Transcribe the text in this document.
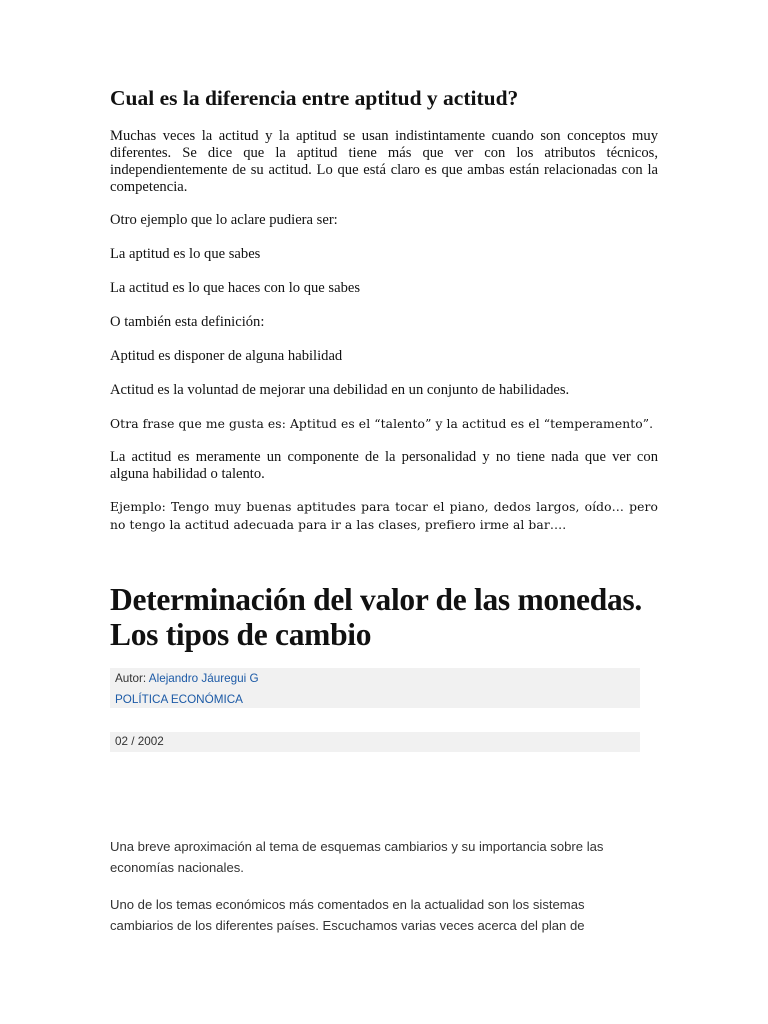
Cual es la diferencia entre aptitud y actitud?

Muchas veces la actitud y la aptitud se usan indistintamente cuando son conceptos muy diferentes. Se dice que la aptitud tiene más que ver con los atributos técnicos, independientemente de su actitud. Lo que está claro es que ambas están relacionadas con la competencia.

Otro ejemplo que lo aclare pudiera ser:

La aptitud es lo que sabes

La actitud es lo que haces con lo que sabes

O también esta definición:

Aptitud es disponer de alguna habilidad

Actitud es la voluntad de mejorar una debilidad en un conjunto de habilidades.

Otra frase que me gusta es: Aptitud es el “talento” y la actitud es el “temperamento”.

La actitud es meramente un componente de la personalidad y no tiene nada que ver con alguna habilidad o talento.

Ejemplo: Tengo muy buenas aptitudes para tocar el piano, dedos largos, oído… pero no tengo la actitud adecuada para ir a las clases, prefiero irme al bar….

Determinación del valor de las monedas. Los tipos de cambio
Autor: Alejandro Jáuregui G
POLÍTICA ECONÓMICA
02 / 2002

Una breve aproximación al tema de esquemas cambiarios y su importancia sobre las economías nacionales.

Uno de los temas económicos más comentados en la actualidad son los sistemas cambiarios de los diferentes países. Escuchamos varias veces acerca del plan de
